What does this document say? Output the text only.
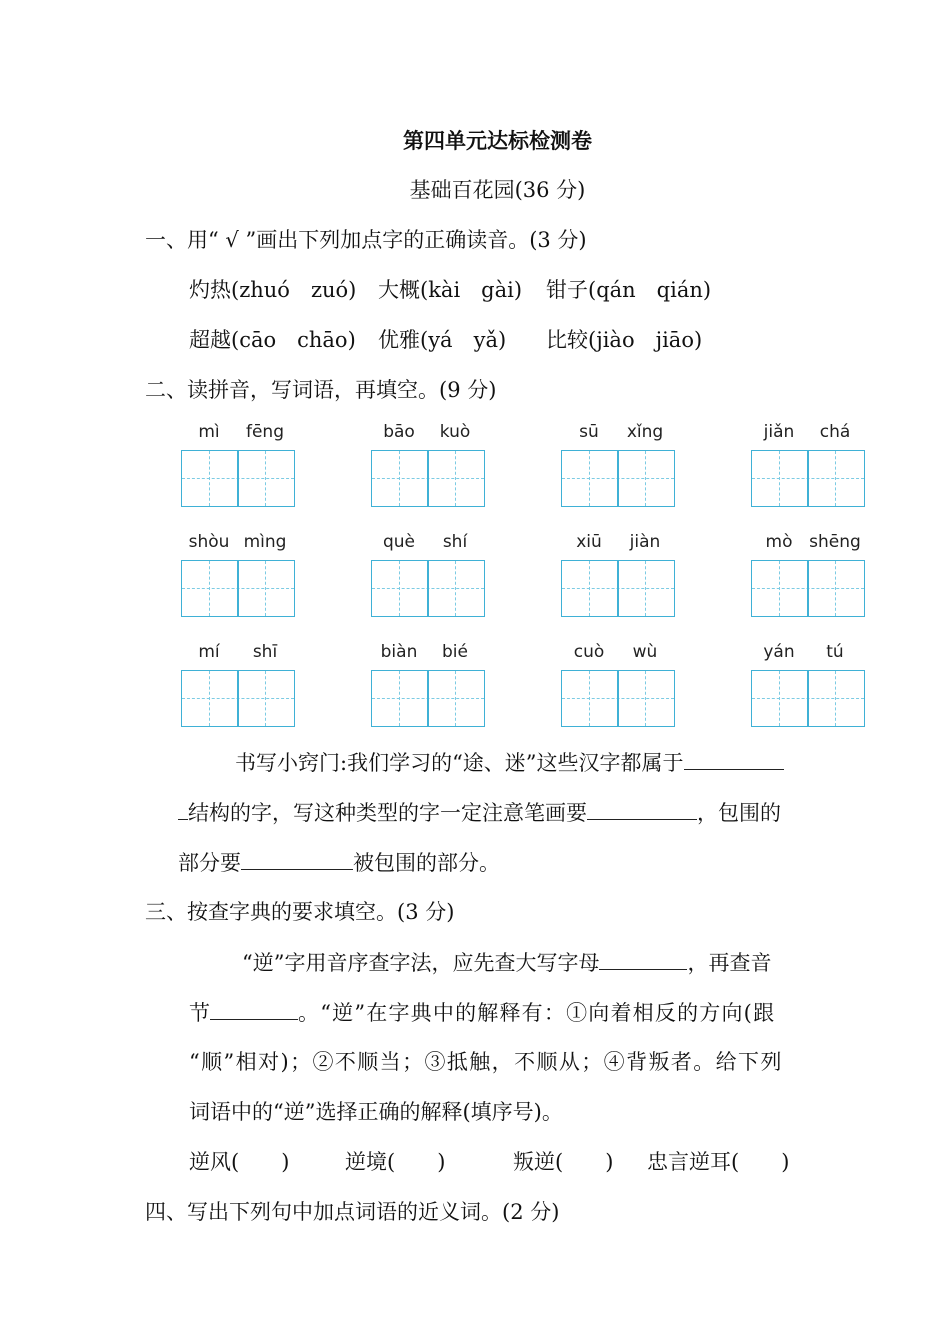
第四单元达标检测卷
基础百花园(36 分)
一、用“ √ ”画出下列加点字的正确读音。(3 分)
灼热(zhuó　zuó) 大概(kài　gài) 钳子(qán　qián)
超越(cāo　chāo) 优雅(yá　yǎ) 比较(jiào　jiāo)
二、读拼音，写词语，再填空。(9 分)
mì	fēng	bāo	kuò	sū	xǐng	jiǎn	chá
shòu mìng	què	shí	xiū	jiàn	mò shēng
mí	shī	biàn	bié	cuò	wù	yán	tú
书写小窍门:我们学习的“途、迷”这些汉字都属于
结构的字，写这种类型的字一定注意笔画要	，包围的
部分要	被包围的部分。
三、按查字典的要求填空。(3 分)
“逆”字用音序查字法，应先查大写字母	，再查音
节	。“逆”在字典中的解释有：①向着相反的方向(跟
“顺”相对)；②不顺当；③抵触，不顺从；④背叛者。给下列
词语中的“逆”选择正确的解释(填序号)。
逆风(　　)	逆境(　　)	叛逆(　　) 忠言逆耳(　　)
四、写出下列句中加点词语的近义词。(2 分)
